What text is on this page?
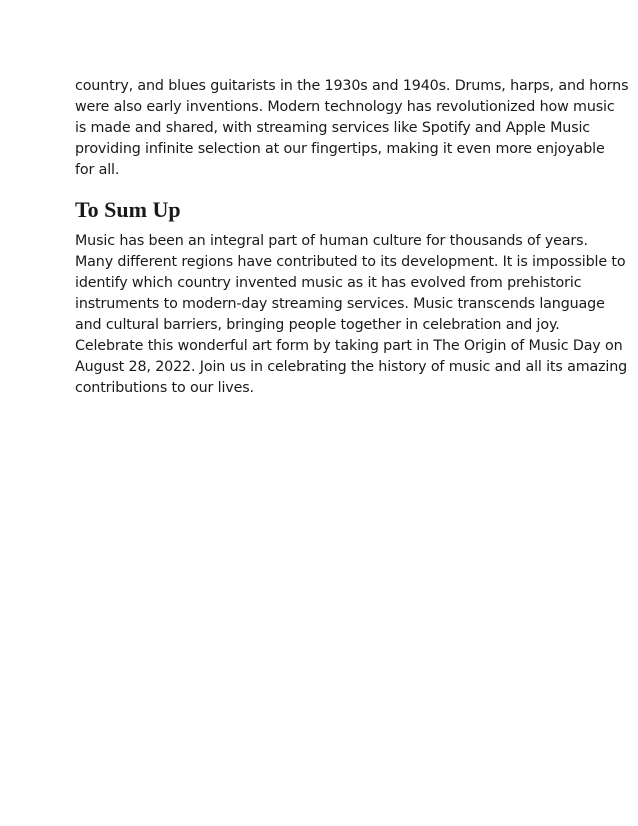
country, and blues guitarists in the 1930s and 1940s. Drums, harps, and horns
were also early inventions. Modern technology has revolutionized how music
is made and shared, with streaming services like Spotify and Apple Music
providing infinite selection at our fingertips, making it even more enjoyable
for all.
To Sum Up
Music has been an integral part of human culture for thousands of years.
Many different regions have contributed to its development. It is impossible to
identify which country invented music as it has evolved from prehistoric
instruments to modern-day streaming services. Music transcends language
and cultural barriers, bringing people together in celebration and joy.
Celebrate this wonderful art form by taking part in The Origin of Music Day on
August 28, 2022. Join us in celebrating the history of music and all its amazing
contributions to our lives.
